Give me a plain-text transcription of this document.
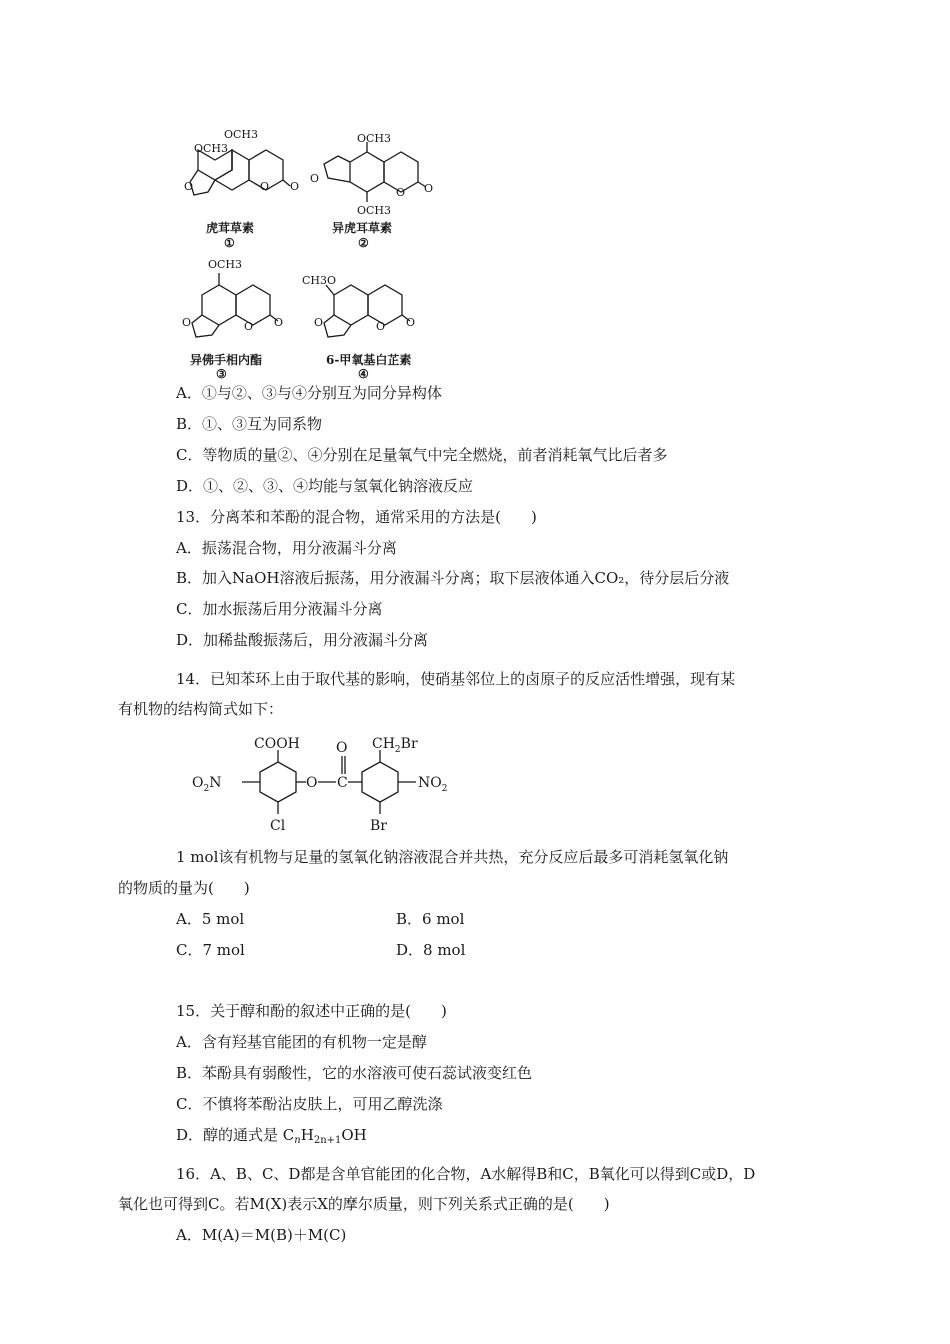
OCH3
OCH3
O	O O
OCH3
OCH3
O
O O
OCH3
O	O O
CH3O
O	O O
虎茸草素
①
异虎耳草素
②
异佛手相内酯
③
6-甲氧基白芷素
④
A．①与②、③与④分别互为同分异构体
B．①、③互为同系物
C．等物质的量②、④分别在足量氧气中完全燃烧，前者消耗氧气比后者多
D．①、②、③、④均能与氢氧化钠溶液反应
13．分离苯和苯酚的混合物，通常采用的方法是(　　)
A．振荡混合物，用分液漏斗分离
B．加入NaOH溶液后振荡，用分液漏斗分离；取下层液体通入CO₂，待分层后分液
C．加水振荡后用分液漏斗分离
D．加稀盐酸振荡后，用分液漏斗分离
14．已知苯环上由于取代基的影响，使硝基邻位上的卤原子的反应活性增强，现有某
有机物的结构简式如下：
COOH
$O_2N$
Cl
O
O
C
$CH_2Br$
$NO_2$
Br
1 mol该有机物与足量的氢氧化钠溶液混合并共热，充分反应后最多可消耗氢氧化钠
的物质的量为(　　)
A．5 mol	B．6 mol
C．7 mol	D．8 mol
15．关于醇和酚的叙述中正确的是(　　)
A．含有羟基官能团的有机物一定是醇
B．苯酚具有弱酸性，它的水溶液可使石蕊试液变红色
C．不慎将苯酚沾皮肤上，可用乙醇洗涤
D．醇的通式是 $C_nH_{2n+1}OH$
16．A、B、C、D都是含单官能团的化合物，A水解得B和C，B氧化可以得到C或D，D
氧化也可得到C。若M(X)表示X的摩尔质量，则下列关系式正确的是(　　)
A．M(A)＝M(B)＋M(C)
